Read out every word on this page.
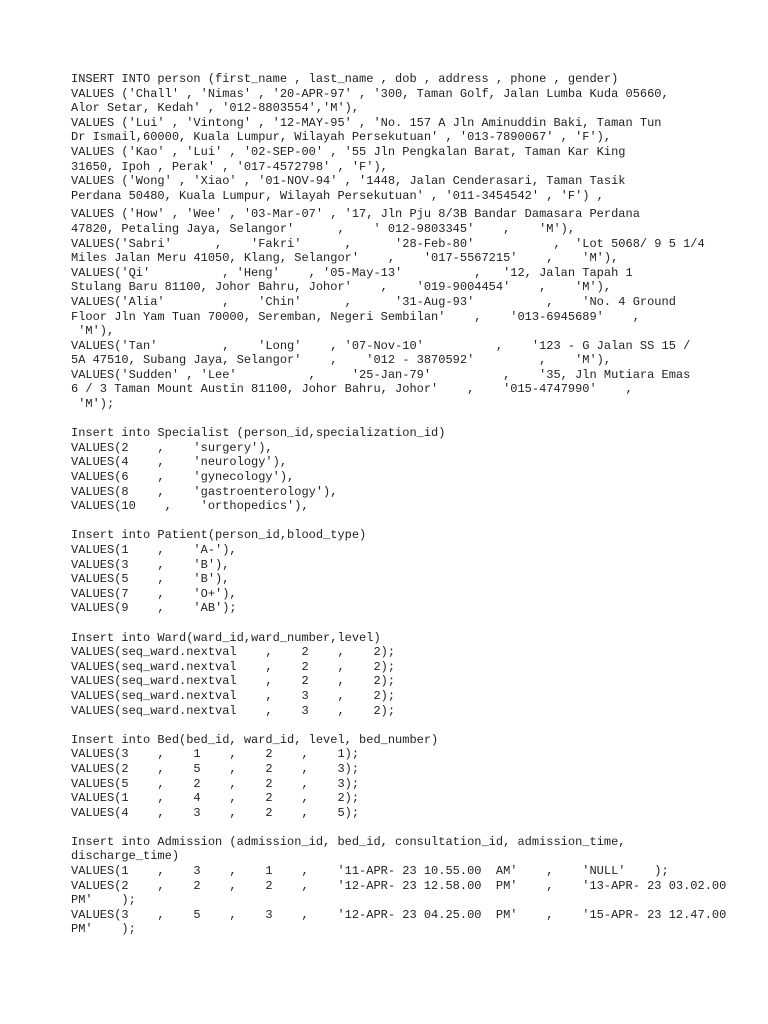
INSERT INTO person (first_name , last_name , dob , address , phone , gender)
VALUES ('Chall' , 'Nimas' , '20-APR-97' , '300, Taman Golf, Jalan Lumba Kuda 05660,
Alor Setar, Kedah' , '012-8803554','M'),
VALUES ('Lui' , 'Vintong' , '12-MAY-95' , 'No. 157 A Jln Aminuddin Baki, Taman Tun
Dr Ismail,60000, Kuala Lumpur, Wilayah Persekutuan' , '013-7890067' , 'F'),
VALUES ('Kao' , 'Lui' , '02-SEP-00' , '55 Jln Pengkalan Barat, Taman Kar King
31650, Ipoh , Perak' , '017-4572798' , 'F'),
VALUES ('Wong' , 'Xiao' , '01-NOV-94' , '1448, Jalan Cenderasari, Taman Tasik
Perdana 50480, Kuala Lumpur, Wilayah Persekutuan' , '011-3454542' , 'F') ,
VALUES ('How' , 'Wee' , '03-Mar-07' , '17, Jln Pju 8/3B Bandar Damasara Perdana
47820, Petaling Jaya, Selangor'      ,    ' 012-9803345'    ,    'M'),
VALUES('Sabri'      ,    'Fakri'      ,      '28-Feb-80'           ,  'Lot 5068/ 9 5 1/4
Miles Jalan Meru 41050, Klang, Selangor'    ,    '017-5567215'    ,    'M'),
VALUES('Qi'          , 'Heng'    , '05-May-13'          ,   '12, Jalan Tapah 1
Stulang Baru 81100, Johor Bahru, Johor'    ,    '019-9004454'    ,    'M'),
VALUES('Alia'        ,    'Chin'      ,      '31-Aug-93'          ,    'No. 4 Ground
Floor Jln Yam Tuan 70000, Seremban, Negeri Sembilan'    ,    '013-6945689'    ,
'M'),
VALUES('Tan'         ,    'Long'    , '07-Nov-10'          ,    '123 - G Jalan SS 15 /
5A 47510, Subang Jaya, Selangor'    ,    '012 - 3870592'         ,    'M'),
VALUES('Sudden' , 'Lee'          ,     '25-Jan-79'          ,    '35, Jln Mutiara Emas
6 / 3 Taman Mount Austin 81100, Johor Bahru, Johor'    ,    '015-4747990'    ,
'M');
Insert into Specialist (person_id,specialization_id)
VALUES(2    ,    'surgery'),
VALUES(4    ,    'neurology'),
VALUES(6    ,    'gynecology'),
VALUES(8    ,    'gastroenterology'),
VALUES(10    ,    'orthopedics'),
Insert into Patient(person_id,blood_type)
VALUES(1    ,    'A-'),
VALUES(3    ,    'B'),
VALUES(5    ,    'B'),
VALUES(7    ,    'O+'),
VALUES(9    ,    'AB');
Insert into Ward(ward_id,ward_number,level)
VALUES(seq_ward.nextval    ,    2    ,    2);
VALUES(seq_ward.nextval    ,    2    ,    2);
VALUES(seq_ward.nextval    ,    2    ,    2);
VALUES(seq_ward.nextval    ,    3    ,    2);
VALUES(seq_ward.nextval    ,    3    ,    2);
Insert into Bed(bed_id, ward_id, level, bed_number)
VALUES(3    ,    1    ,    2    ,    1);
VALUES(2    ,    5    ,    2    ,    3);
VALUES(5    ,    2    ,    2    ,    3);
VALUES(1    ,    4    ,    2    ,    2);
VALUES(4    ,    3    ,    2    ,    5);
Insert into Admission (admission_id, bed_id, consultation_id, admission_time,
discharge_time)
VALUES(1    ,    3    ,    1    ,    '11-APR- 23 10.55.00  AM'    ,    'NULL'    );
VALUES(2    ,    2    ,    2    ,    '12-APR- 23 12.58.00  PM'    ,    '13-APR- 23 03.02.00
PM'    );
VALUES(3    ,    5    ,    3    ,    '12-APR- 23 04.25.00  PM'    ,    '15-APR- 23 12.47.00
PM'    );
